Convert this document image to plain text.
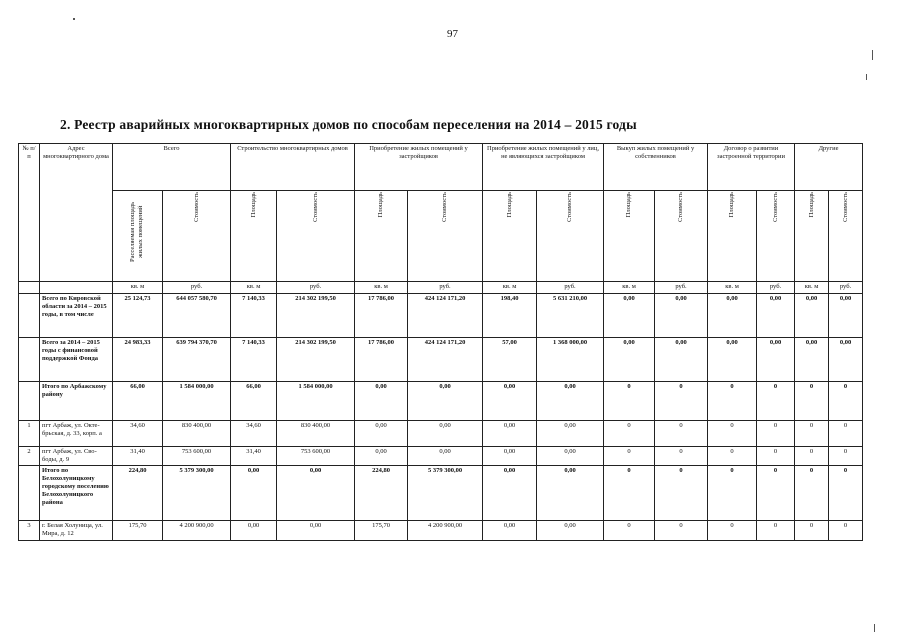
97
2. Реестр аварийных многоквартирных домов по способам переселения на 2014 – 2015 годы
№ п/п	Адрес многоквартирного дома	Всего		Строительство многоквартирных домов		Приобретение жилых помещений у застройщиков		Приобретение жилых помещений у лиц, не являющихся застройщиком		Выкуп жилых помещений у собственников		Договор о развитии застроенной территории		Другие	
		Расселяемая площадь жилых помещений	Стоимость	Площадь	Стоимость	Площадь	Стоимость	Площадь	Стоимость	Площадь	Стоимость	Площадь	Стоимость	Площадь	Стоимость
		кв. м	руб.	кв. м	руб.	кв. м	руб.	кв. м	руб.	кв. м	руб.	кв. м	руб.	кв. м	руб.
	Всего по Кировской области за 2014 – 2015 годы, в том числе	25 124,73	644 057 580,70	7 140,33	214 302 199,50	17 786,00	424 124 171,20	198,40	5 631 210,00	0,00	0,00	0,00	0,00	0,00	0,00
	Всего за 2014 – 2015 годы с финансовой поддержкой Фонда	24 983,33	639 794 370,70	7 140,33	214 302 199,50	17 786,00	424 124 171,20	57,00	1 368 000,00	0,00	0,00	0,00	0,00	0,00	0,00
	Итого по Арбажскому району	66,00	1 584 000,00	66,00	1 584 000,00	0,00	0,00	0,00	0,00	0	0	0	0	0	0
1	пгт Арбаж, ул. Октебрьская, д. 33, корп. а	34,60	830 400,00	34,60	830 400,00	0,00	0,00	0,00	0,00	0	0	0	0	0	0
2	пгт Арбаж, ул. Свободы, д. 9	31,40	753 600,00	31,40	753 600,00	0,00	0,00	0,00	0,00	0	0	0	0	0	0
	Итого по Белохолуницкому городскому поселению Белохолуницкого района	224,80	5 379 300,00	0,00	0,00	224,80	5 379 300,00	0,00	0,00	0	0	0	0	0	0
3	г. Белая Холуница, ул. Мира, д. 12	175,70	4 200 900,00	0,00	0,00	175,70	4 200 900,00	0,00	0,00	0	0	0	0	0	0
